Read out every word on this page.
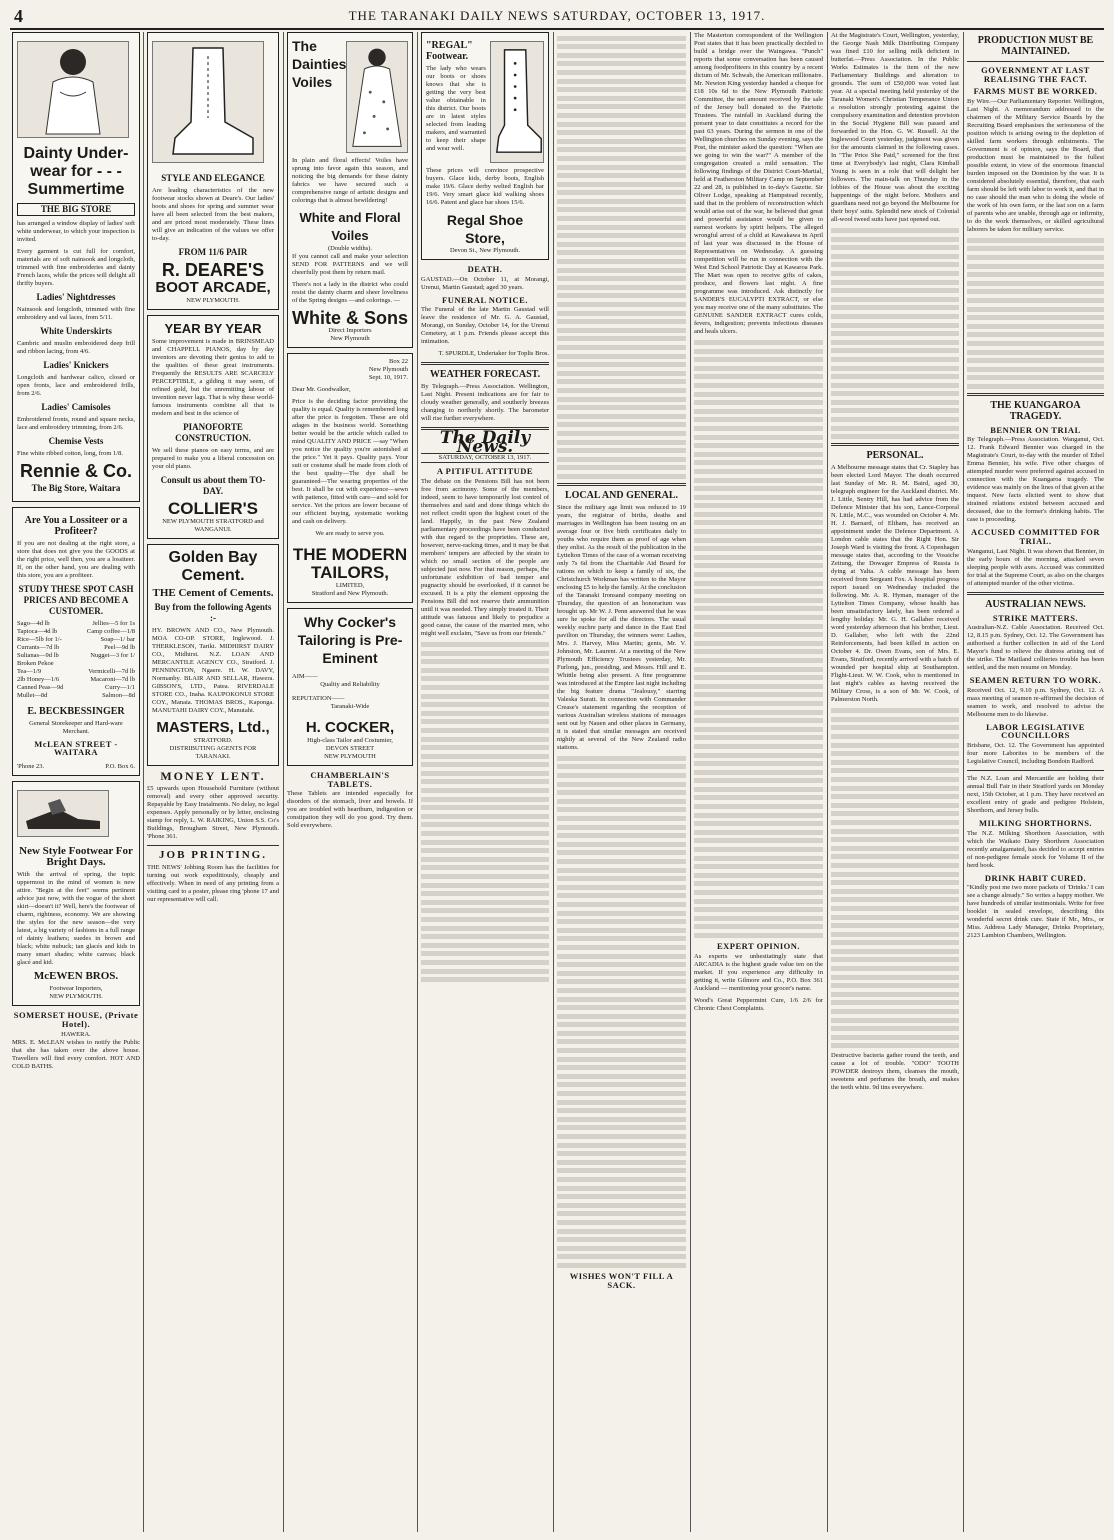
4	THE TARANAKI DAILY NEWS SATURDAY, OCTOBER 13, 1917.
Dainty Under-wear for - - - Summertime
THE BIG STORE
has arranged a window display of ladies' soft white underwear, to which your inspection is invited.
Every garment is cut full for comfort, materials are of soft nainsook and longcloth, trimmed with fine embroideries and dainty French laces, while the prices will delight all thrifty buyers.
Ladies' Nightdresses
Nainsook and longcloth, trimmed with fine embroidery and val laces, from 5/11.
White Underskirts
Cambric and muslin embroidered deep frill and ribbon lacing, from 4/6.
Ladies' Knickers
Longcloth and hardwear calico, closed or open fronts, lace and embroidered frills, from 2/6.
Ladies' Camisoles
Embroidered fronts, round and square necks, lace and embroidery trimming, from 2/6.
Chemise Vests
Fine white ribbed cotton, long, from 1/8.
Rennie & Co.
The Big Store, Waitara
Are You a Lossiteer or a Profiteer?
If you are not dealing at the right store, a store that does not give you the GOODS at the right price, well then, you are a lossiteer. If, on the other hand, you are dealing with this store, you are a profiteer.
STUDY THESE SPOT CASH PRICES AND BECOME A CUSTOMER.
Sago—4d lb	Jellies—5 for 1s
Tapioca—4d lb	Camp coffee—1/8
Rice—5lb for 1/-	Soap—1/ bar
Currants—7d lb	Peel—9d lb
Sultanas—9d lb	Nugget—3 for 1/
Broken Pekoe
Tea—1/9	Vermicelli—7d lb
2lb Honey—1/6	Macaroni—7d lb
Canned Peas—9d	Curry—1/1
Mullet—8d	Salmon—8d
E. BECKBESSINGER
General Storekeeper and Hard-ware Merchant.
McLEAN STREET - WAITARA
'Phone 23.	P.O. Box 6.
New Style Footwear For Bright Days.
With the arrival of spring, the topic uppermost in the mind of women is new attire. "Begin at the feet" seems pertinent advice just now, with the vogue of the short skirt—doesn't it? Well, here's the footwear of charm, rightness, economy. We are showing the styles for the new season—the very latest, a big variety of fashions in a full range of dainty leathers; suedes in brown and black; white nubuck; tan glacés and kids in many smart shades; white canvas; black glacé and kid.
McEWEN BROS.
Footwear Importers,
NEW PLYMOUTH.
SOMERSET HOUSE, (Private Hotel).
HAWERA.
MRS. E. McLEAN wishes to notify the Public that she has taken over the above house. Travellers will find every comfort. HOT AND COLD BATHS.
STYLE AND ELEGANCE
Are leading characteristics of the new footwear stocks shown at Deare's. Our ladies' boots and shoes for spring and summer wear have all been selected from the best makers, and are priced most moderately. These lines will give an indication of the values we offer to-day.
FROM 11/6 PAIR
R. DEARE'S
BOOT ARCADE,
NEW PLYMOUTH.
YEAR BY YEAR
Some improvement is made in BRINSMEAD and CHAPPELL PIANOS, day by day inventors are devoting their genius to add to the qualities of these great instruments. Frequently the RESULTS ARE SCARCELY PERCEPTIBLE, a gilding it may seem, of refined gold, but the unremitting labour of invention never lags. That is why these world-famous instruments combine all that is modern and best in the science of
PIANOFORTE CONSTRUCTION.
We sell these pianos on easy terms, and are prepared to make you a liberal concession on your old piano.
Consult us about them TO-DAY.
COLLIER'S
NEW PLYMOUTH STRATFORD and WANGANUI.
Golden Bay Cement.
THE Cement of Cements.
Buy from the following Agents :-
HY. BROWN AND CO., New Plymouth. MOA CO-OP. STORE, Inglewood. J. THERKLESON, Tariki. MIDHIRST DAIRY CO., Midhirst. N.Z. LOAN AND MERCANTILE AGENCY CO., Stratford. J. PENNINGTON, Ngaere. H. W. DAVY, Normanby. BLAIR AND SELLAR, Hawera. GIBSON'S, LTD., Patea. RIVERDALE STORE CO., Inaha. KAUPOKONUI STORE COY., Manaia. THOMAS BROS., Kaponga. MANUTAHI DAIRY COY., Manutahi.
MASTERS, Ltd.,
STRATFORD.
DISTRIBUTING AGENTS FOR TARANAKI.
MONEY LENT.
£5 upwards upon Household Furniture (without removal) and every other approved security. Repayable by Easy Instalments. No delay, no legal expenses. Apply personally or by letter, enclosing stamp for reply, L. W. RAIKING, Union S.S. Co's Buildings, Brougham Street, New Plymouth. 'Phone 361.
JOB PRINTING.
THE NEWS' Jobbing Room has the facilities for turning out work expeditiously, cheaply and effectively. When in need of any printing from a visiting card to a poster, please ring 'phone 17 and our representative will call.
The Daintiest Voiles
In plain and floral effects! Voiles have sprung into favor again this season, and noticing the big demands for these dainty fabrics we have secured such a comprehensive range of artistic designs and colorings that is almost bewildering!
White and Floral Voiles
(Double widths).
If you cannot call and make your selection SEND FOR PATTERNS and we will cheerfully post them by return mail.
There's not a lady in the district who could resist the dainty charm and sheer loveliness of the Spring designs —and colorings. —
White & Sons
Direct Importers
New Plymouth
Box 22
New Plymouth
Sept. 10, 1917.
Dear Mr. Goodwalker,
Price is the deciding factor providing the quality is equal. Quality is remembered long after the price is forgotten. These are old adages in the business world. Something better would be the article which called to mind QUALITY AND PRICE —say "When you notice the quality you're astonished at the price." Yet it pays. Quality pays. Your suit or costume shall be made from cloth of the best quality—The dye shall be guaranteed—The wearing properties of the best. It shall be cut with experience—sewn with patience, fitted with care—and sold for service. Yet the prices are lower because of our efficient buying, systematic working and cash on delivery.
We are ready to serve you.
THE MODERN TAILORS,
LIMITED,
Stratford and New Plymouth.
Why Cocker's Tailoring is Pre-Eminent
AIM——
Quality and Reliability
REPUTATION——
Taranaki-Wide
H. COCKER,
High-class Tailor and Costumier,
DEVON STREET
NEW PLYMOUTH
CHAMBERLAIN'S TABLETS.
These Tablets are intended especially for disorders of the stomach, liver and bowels. If you are troubled with heartburn, indigestion or constipation they will do you good. Try them. Sold everywhere.
"REGAL" Footwear.
The lady who wears our boots or shoes knows that she is getting the very best value obtainable in this district. Our boots are in latest styles selected from leading makers, and warranted to keep their shape and wear well.
These prices will convince prospective buyers. Glace kids, derby boots, English make 19/6. Glace derby welted English bar 19/6. Very smart glace kid walking shoes 16/6. Patent and glace bar shoes 15/6.
Regal Shoe Store,
Devon St., New Plymouth.
DEATH.
GAUSTAD.—On October 11, at Morangi, Urenui, Martin Gaustad; aged 30 years.
FUNERAL NOTICE.
The Funeral of the late Martin Gaustad will leave the residence of Mr. G. A. Gaustad, Morangi, on Sunday, October 14, for the Urenui Cemetery, at 1 p.m. Friends please accept this intimation.
T. SPURDLE, Undertaker for Toplis Bros.
WEATHER FORECAST.
By Telegraph.—Press Association. Wellington, Last Night. Present indications are for fair to cloudy weather generally, and southerly breezes changing to northerly shortly. The barometer will rise further everywhere.
The Daily News.
SATURDAY, OCTOBER 13, 1917.
A PITIFUL ATTITUDE
The debate on the Pensions Bill has not been free from acrimony. Some of the members, indeed, seem to have temporarily lost control of themselves and said and done things which do not reflect credit upon the highest court of the land. Happily, in the past New Zealand parliamentary proceedings have been conducted with due regard to the proprieties. These are, however, nerve-racking times, and it may be that members' tempers are affected by the strain to which no small section of the people are subjected just now. For that reason, perhaps, the unfortunate exhibition of bad temper and pugnacity should be overlooked, if it cannot be excused. It is a pity the element opposing the Pensions Bill did not reserve their ammunition until it was needed. They simply treated it. Their attitude was fatuous and likely to prejudice a good cause, the cause of the married men, who might well exclaim, "Save us from our friends."
LOCAL AND GENERAL.
Since the military age limit was reduced to 19 years, the registrar of births, deaths and marriages in Wellington has been issuing on an average four or five birth certificates daily to youths who require them as proof of age when they enlist. As the result of the publication in the Lyttelton Times of the case of a woman receiving only 7s 6d from the Charitable Aid Board for rations on which to keep a family of six, the Christchurch Workman has written to the Mayor enclosing £5 to help the family. At the conclusion of the Taranaki Ironsand company meeting on Thursday, the question of an honorarium was brought up. Mr W. J. Penn answered that he was sure he spoke for all the directors. The usual weekly euchre party and dance in the East End pavilion on Thursday, the winners were: Ladies, Mrs. J. Harvey, Miss Martin; gents, Mr. V. Johnston, Mr. Laurent. At a meeting of the New Plymouth Efficiency Trustees yesterday, Mr. Furlong, jun., presiding, and Messrs. Hill and E. Whittle being also present. A fine programme was introduced at the Empire last night including the big feature drama "Jealousy," starring Valeska Suratt. In connection with Commander Crease's statement regarding the reception of various Australian wireless stations of messages sent out by Nauen and other places in Germany, it is stated that similar messages are received nightly at several of the New Zealand radio stations.
WISHES WON'T FILL A SACK.
The Masterton correspondent of the Wellington Post states that it has been practically decided to build a bridge over the Waingawa. "Punch" reports that some conversation has been caused among foodprofiteers in this country by a recent dictum of Mr. Schwab, the American millionaire. Mr. Newton King yesterday handed a cheque for £18 10s 6d to the New Plymouth Patriotic Committee, the net amount received by the sale of the Jersey bull donated to the Patriotic Trustees. The rainfall in Auckland during the present year to date constitutes a record for the past 63 years. During the sermon in one of the Wellington churches on Sunday evening, says the Post, the minister asked the question: "When are we going to win the war?" A member of the congregation created a mild sensation. The following findings of the District Court-Martial, held at Featherston Military Camp on September 22 and 28, is published in to-day's Gazette. Sir Oliver Lodge, speaking at Hampstead recently, said that in the problem of reconstruction which would arise out of the war, he believed that great and powerful assistance would be given to earnest workers by spirit helpers. The alleged wrongful arrest of a child at Kawakawa in April of last year was discussed in the House of Representatives on Wednesday. A guessing competition will be run in connection with the West End School Patriotic Day at Kawaroa Park. The Mart was open to receive gifts of cakes, produce, and flowers last night. A fine programme was introduced. Ask distinctly for SANDER'S EUCALYPTI EXTRACT, or else you may receive one of the many substitutes. The GENUINE SANDER EXTRACT cures colds, fevers, indigestion; prevents infectious diseases and heals ulcers.
EXPERT OPINION.
As experts we unhesitatingly state that ARCADIA is the highest grade value ten on the market. If you experience any difficulty in getting it, write Gilmore and Co., P.O. Box 361 Auckland — mentioning your grocer's name.
Wood's Great Peppermint Cure, 1/6 2/6 for Chronic Chest Complaints.
At the Magistrate's Court, Wellington, yesterday, the George Nash Milk Distributing Company was fined £10 for selling milk deficient in butterfat.—Press Association. In the Public Works Estimates is the item of the new Parliamentary Buildings and alteration to grounds. The sum of £50,000 was voted last year. At a special meeting held yesterday of the Taranaki Women's Christian Temperance Union a resolution strongly protesting against the compulsory examination and detention provision in the Social Hygiene Bill was passed and forwarded to the Hon. G. W. Russell. At the Inglewood Court yesterday, judgment was given for the amounts claimed in the following cases. In "The Price She Paid," screened for the first time at Everybody's last night, Clara Kimball Young is seen in a role that will delight her followers. The main-talk on Thursday in the lobbies of the House was about the exciting happenings of the night before. Mothers and guardians need not go beyond the Melbourne for their boys' suits. Splendid new stock of Colonial all-wool tweed suits have just opened out.
PERSONAL.
A Melbourne message states that Cr. Stapley has been elected Lord Mayor. The death occurred last Sunday of Mr. R. M. Baird, aged 30, telegraph engineer for the Auckland district. Mr. J. Little, Sentry Hill, has had advice from the Defence Minister that his son, Lance-Corporal N. Little, M.C., was wounded on October 4. Mr. H. J. Barnard, of Eltham, has received an appointment under the Defence Department. A London cable states that the Right Hon. Sir Joseph Ward is visiting the front. A Copenhagen message states that, according to the Vossiche Zeitung, the Dowager Empress of Russia is dying at Yalta. A cable message has been received from Sergeant Fox. A hospital progress report issued on Wednesday included the following. Mr. A. R. Hyman, manager of the Lyttelton Times Company, whose health has been unsatisfactory lately, has been ordered a lengthy holiday. Mr. G. H. Gallaher received word yesterday afternoon that his brother, Lieut. D. Gallaher, who left with the 22nd Reinforcements, had been killed in action on October 4. Dr. Owen Evans, son of Mrs. E. Evans, Stratford, recently arrived with a batch of wounded per hospital ship at Southampton. Flight-Lieut. W. W. Cook, who is mentioned in last night's cables as having received the Military Cross, is a son of Mr. W. Cook, of Palmerston North.
Destructive bacteria gather round the teeth, and cause a lot of trouble. "ODO" TOOTH POWDER destroys them, cleanses the mouth, sweetens and perfumes the breath, and makes the teeth white. 9d tins everywhere.
PRODUCTION MUST BE MAINTAINED.
GOVERNMENT AT LAST REALISING THE FACT.
FARMS MUST BE WORKED.
By Wire.—Our Parliamentary Reporter. Wellington, Last Night. A memorandum addressed to the chairmen of the Military Service Boards by the Recruiting Board emphasises the seriousness of the position which is arising owing to the depletion of skilled farm workers through enlistments. The Government is of opinion, says the Board, that production must be maintained to the fullest possible extent, in view of the enormous financial burden imposed on the Dominion by the war. It is considered absolutely essential, therefore, that each farm should be left with labor to work it, and that in no case should the man who is doing the whole of the work of his own farm, or the last son on a farm of parents who are unable, through age or infirmity, to do the work themselves, or skilled agricultural laborers be taken for military service.
THE KUANGAROA TRAGEDY.
BENNIER ON TRIAL
By Telegraph.—Press Association. Wanganui, Oct. 12. Frank Edward Bennier was charged in the Magistrate's Court, to-day with the murder of Ethel Emma Bennier, his wife. Five other charges of attempted murder were preferred against accused in connection with the Kuangaroa tragedy. The evidence was mainly on the lines of that given at the inquest. New facts elicited went to show that strained relations existed between accused and deceased, due to the former's drinking habits. The case is proceeding.
ACCUSED COMMITTED FOR TRIAL.
Wanganui, Last Night. It was shown that Bennier, in the early hours of the morning, attacked seven sleeping people with axes. Accused was committed for trial at the Supreme Court, as also on the charges of attempted murder of the other victims.
AUSTRALIAN NEWS.
STRIKE MATTERS.
Australian-N.Z. Cable Association. Received Oct. 12, 8.15 p.m. Sydney, Oct. 12. The Government has authorised a further collection in aid of the Lord Mayor's fund to relieve the distress arising out of the strike. The Maitland collieries trouble has been settled, and the men resume on Monday.
SEAMEN RETURN TO WORK.
Received Oct. 12, 9.10 p.m. Sydney, Oct. 12. A mass meeting of seamen re-affirmed the decision of seamen to work, and resolved to advise the Melbourne men to do likewise.
LABOR LEGISLATIVE COUNCILLORS
Brisbane, Oct. 12. The Government has appointed four more Laborites to be members of the Legislative Council, including Bondoin Radford.
The N.Z. Loan and Mercantile are holding their annual Bull Fair in their Stratford yards on Monday next, 15th October, at 1 p.m. They have received an excellent entry of grade and pedigree Holstein, Shorthorn, and Jersey bulls.
MILKING SHORTHORNS.
The N.Z. Milking Shorthorn Association, with which the Waikato Dairy Shorthorn Association recently amalgamated, has decided to accept entries of non-pedigree female stock for Volume II of the herd book.
DRINK HABIT CURED.
"Kindly post me two more packets of 'Drinks.' I can see a change already." So writes a happy mother. We have hundreds of similar testimonials. Write for free booklet in sealed envelope, describing this wonderful secret drink cure. State if Mr., Mrs., or Miss. Address Lady Manager, Drinks Proprietary, 2123 Lambton Chambers, Wellington.
